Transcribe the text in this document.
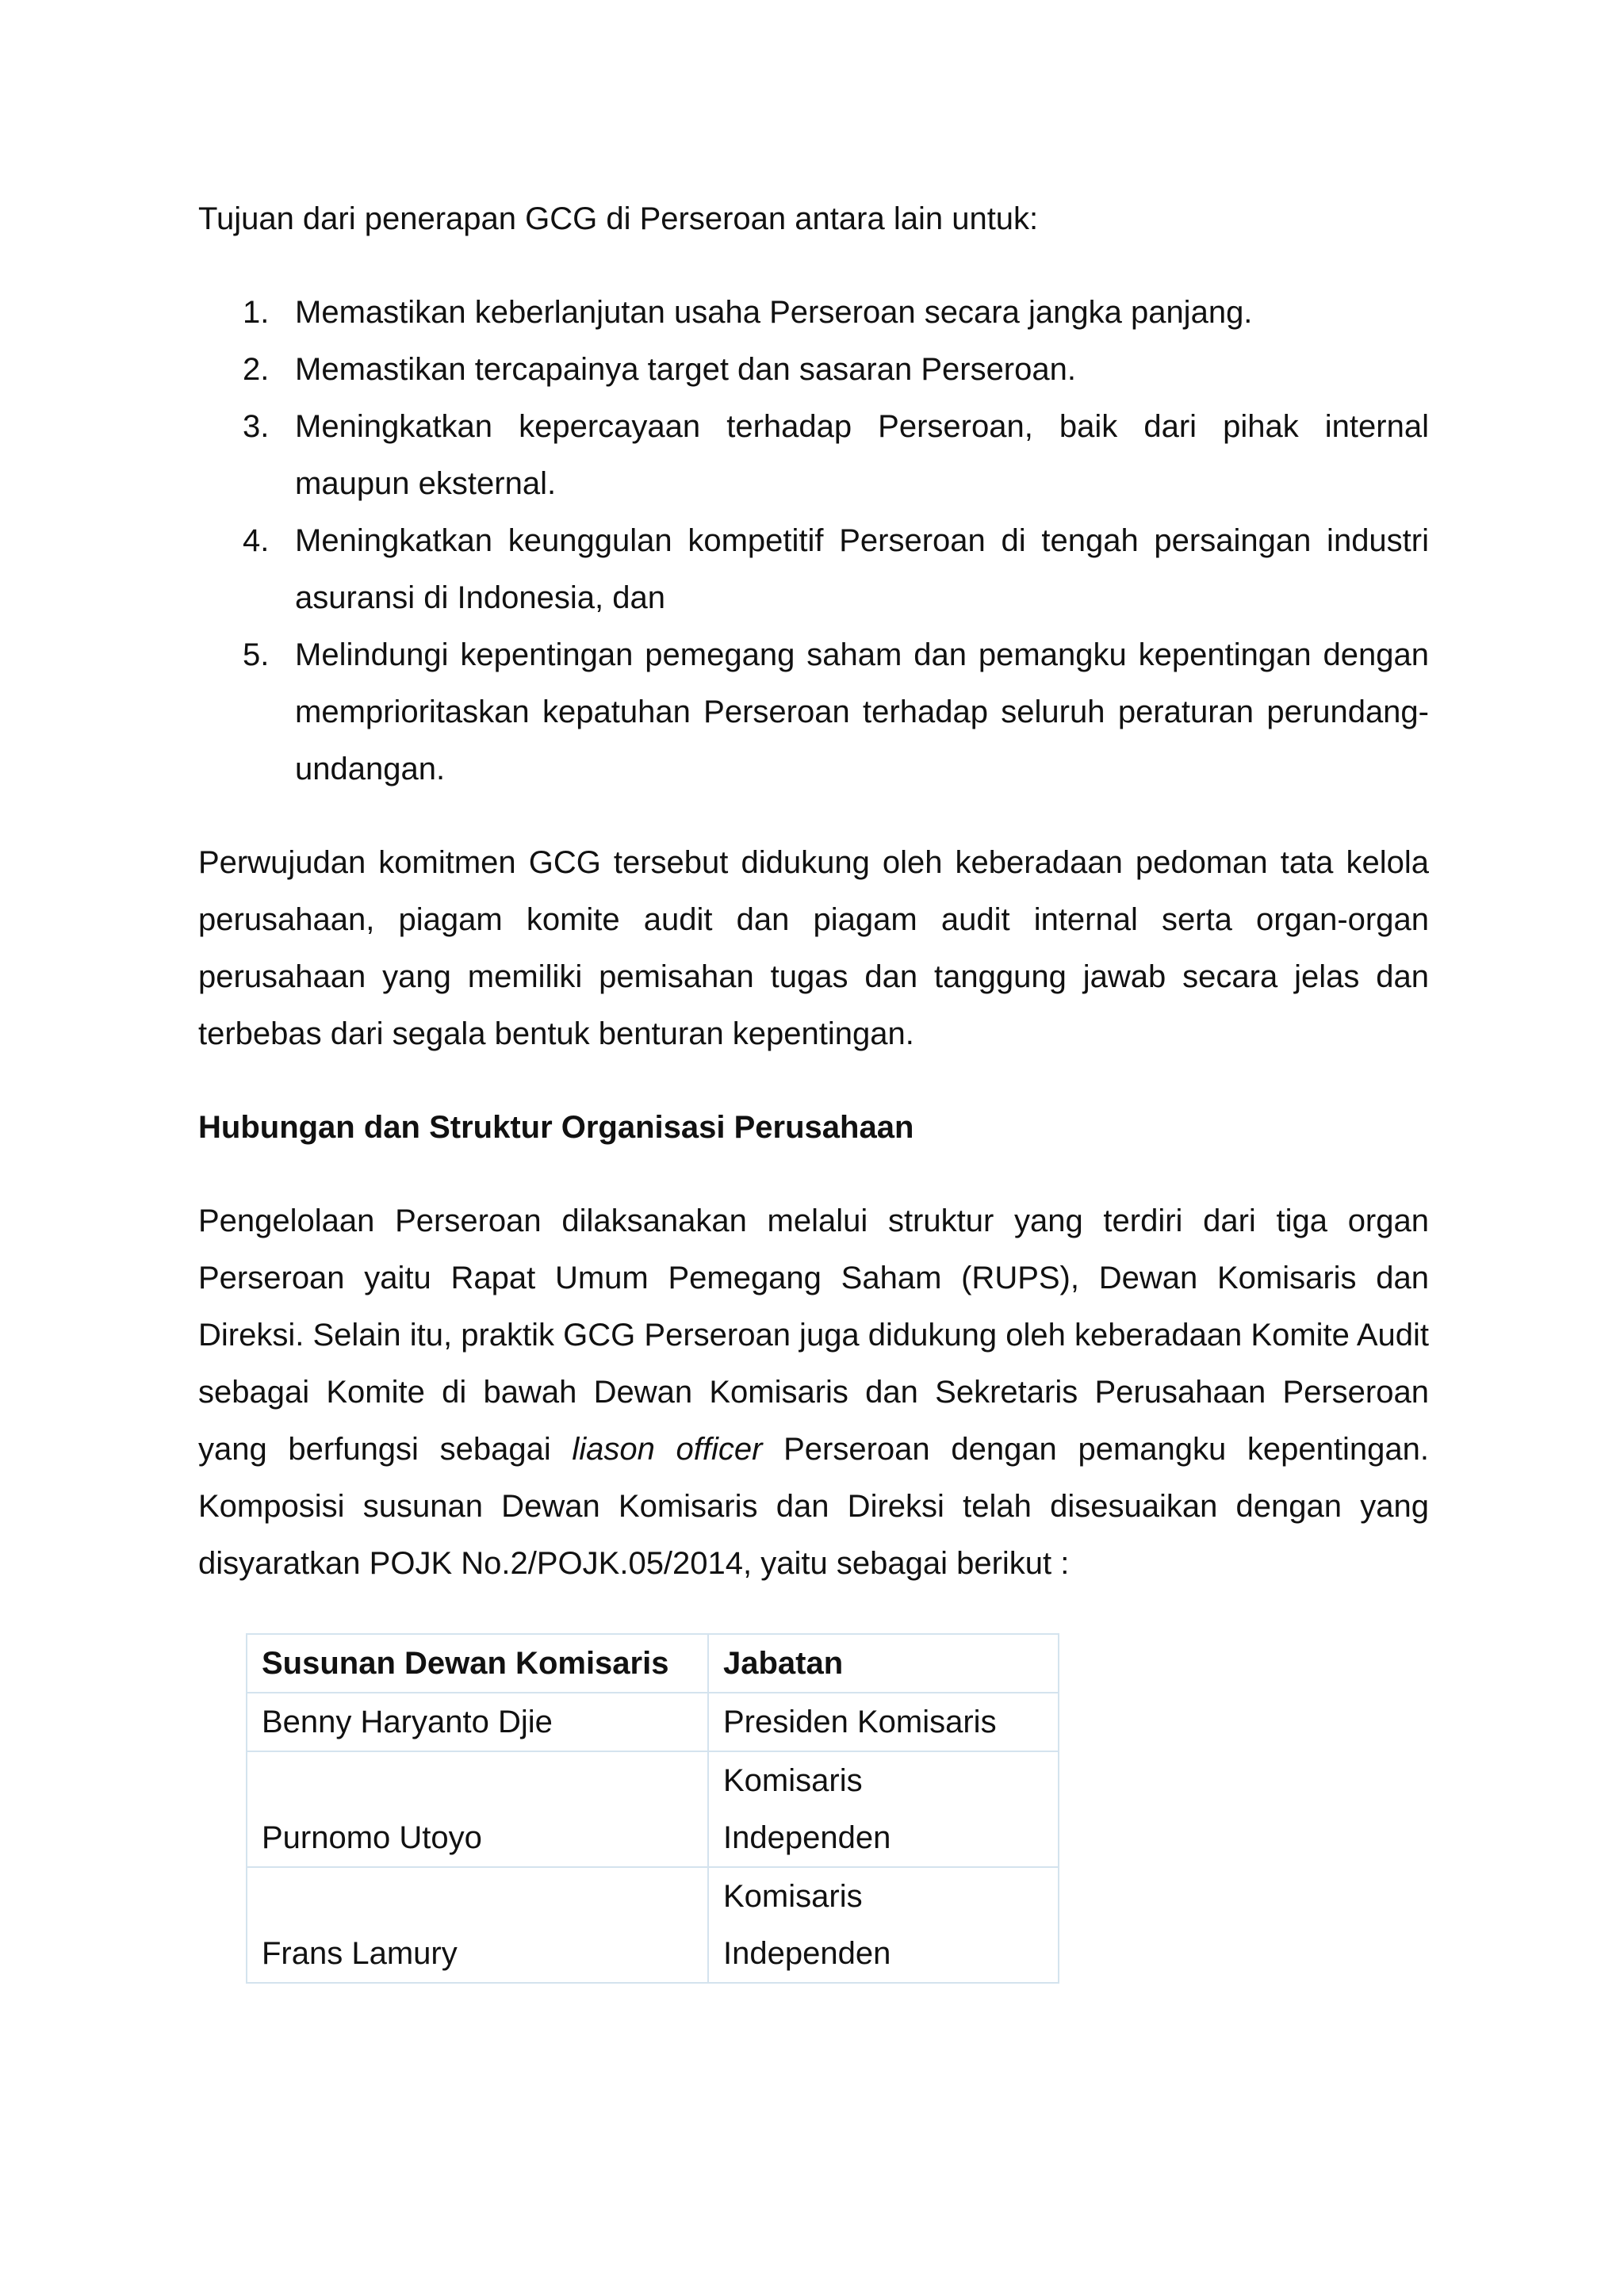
Tujuan dari penerapan GCG di Perseroan antara lain untuk:

1. Memastikan keberlanjutan usaha Perseroan secara jangka panjang.
2. Memastikan tercapainya target dan sasaran Perseroan.
3. Meningkatkan kepercayaan terhadap Perseroan, baik dari pihak internal maupun eksternal.
4. Meningkatkan keunggulan kompetitif Perseroan di tengah persaingan industri asuransi di Indonesia, dan
5. Melindungi kepentingan pemegang saham dan pemangku kepentingan dengan memprioritaskan kepatuhan Perseroan terhadap seluruh peraturan perundang-undangan.

Perwujudan komitmen GCG tersebut didukung oleh keberadaan pedoman tata kelola perusahaan, piagam komite audit dan piagam audit internal serta organ-organ perusahaan yang memiliki pemisahan tugas dan tanggung jawab secara jelas dan terbebas dari segala bentuk benturan kepentingan.

Hubungan dan Struktur Organisasi Perusahaan

Pengelolaan Perseroan dilaksanakan melalui struktur yang terdiri dari tiga organ Perseroan yaitu Rapat Umum Pemegang Saham (RUPS), Dewan Komisaris dan Direksi. Selain itu, praktik GCG Perseroan juga didukung oleh keberadaan Komite Audit sebagai Komite di bawah Dewan Komisaris dan Sekretaris Perusahaan Perseroan yang berfungsi sebagai liason officer Perseroan dengan pemangku kepentingan. Komposisi susunan Dewan Komisaris dan Direksi telah disesuaikan dengan yang disyaratkan POJK No.2/POJK.05/2014, yaitu sebagai berikut :

Susunan Dewan Komisaris	Jabatan
Benny Haryanto Djie	Presiden Komisaris
Purnomo Utoyo	Komisaris
Independen
Frans Lamury	Komisaris
Independen
